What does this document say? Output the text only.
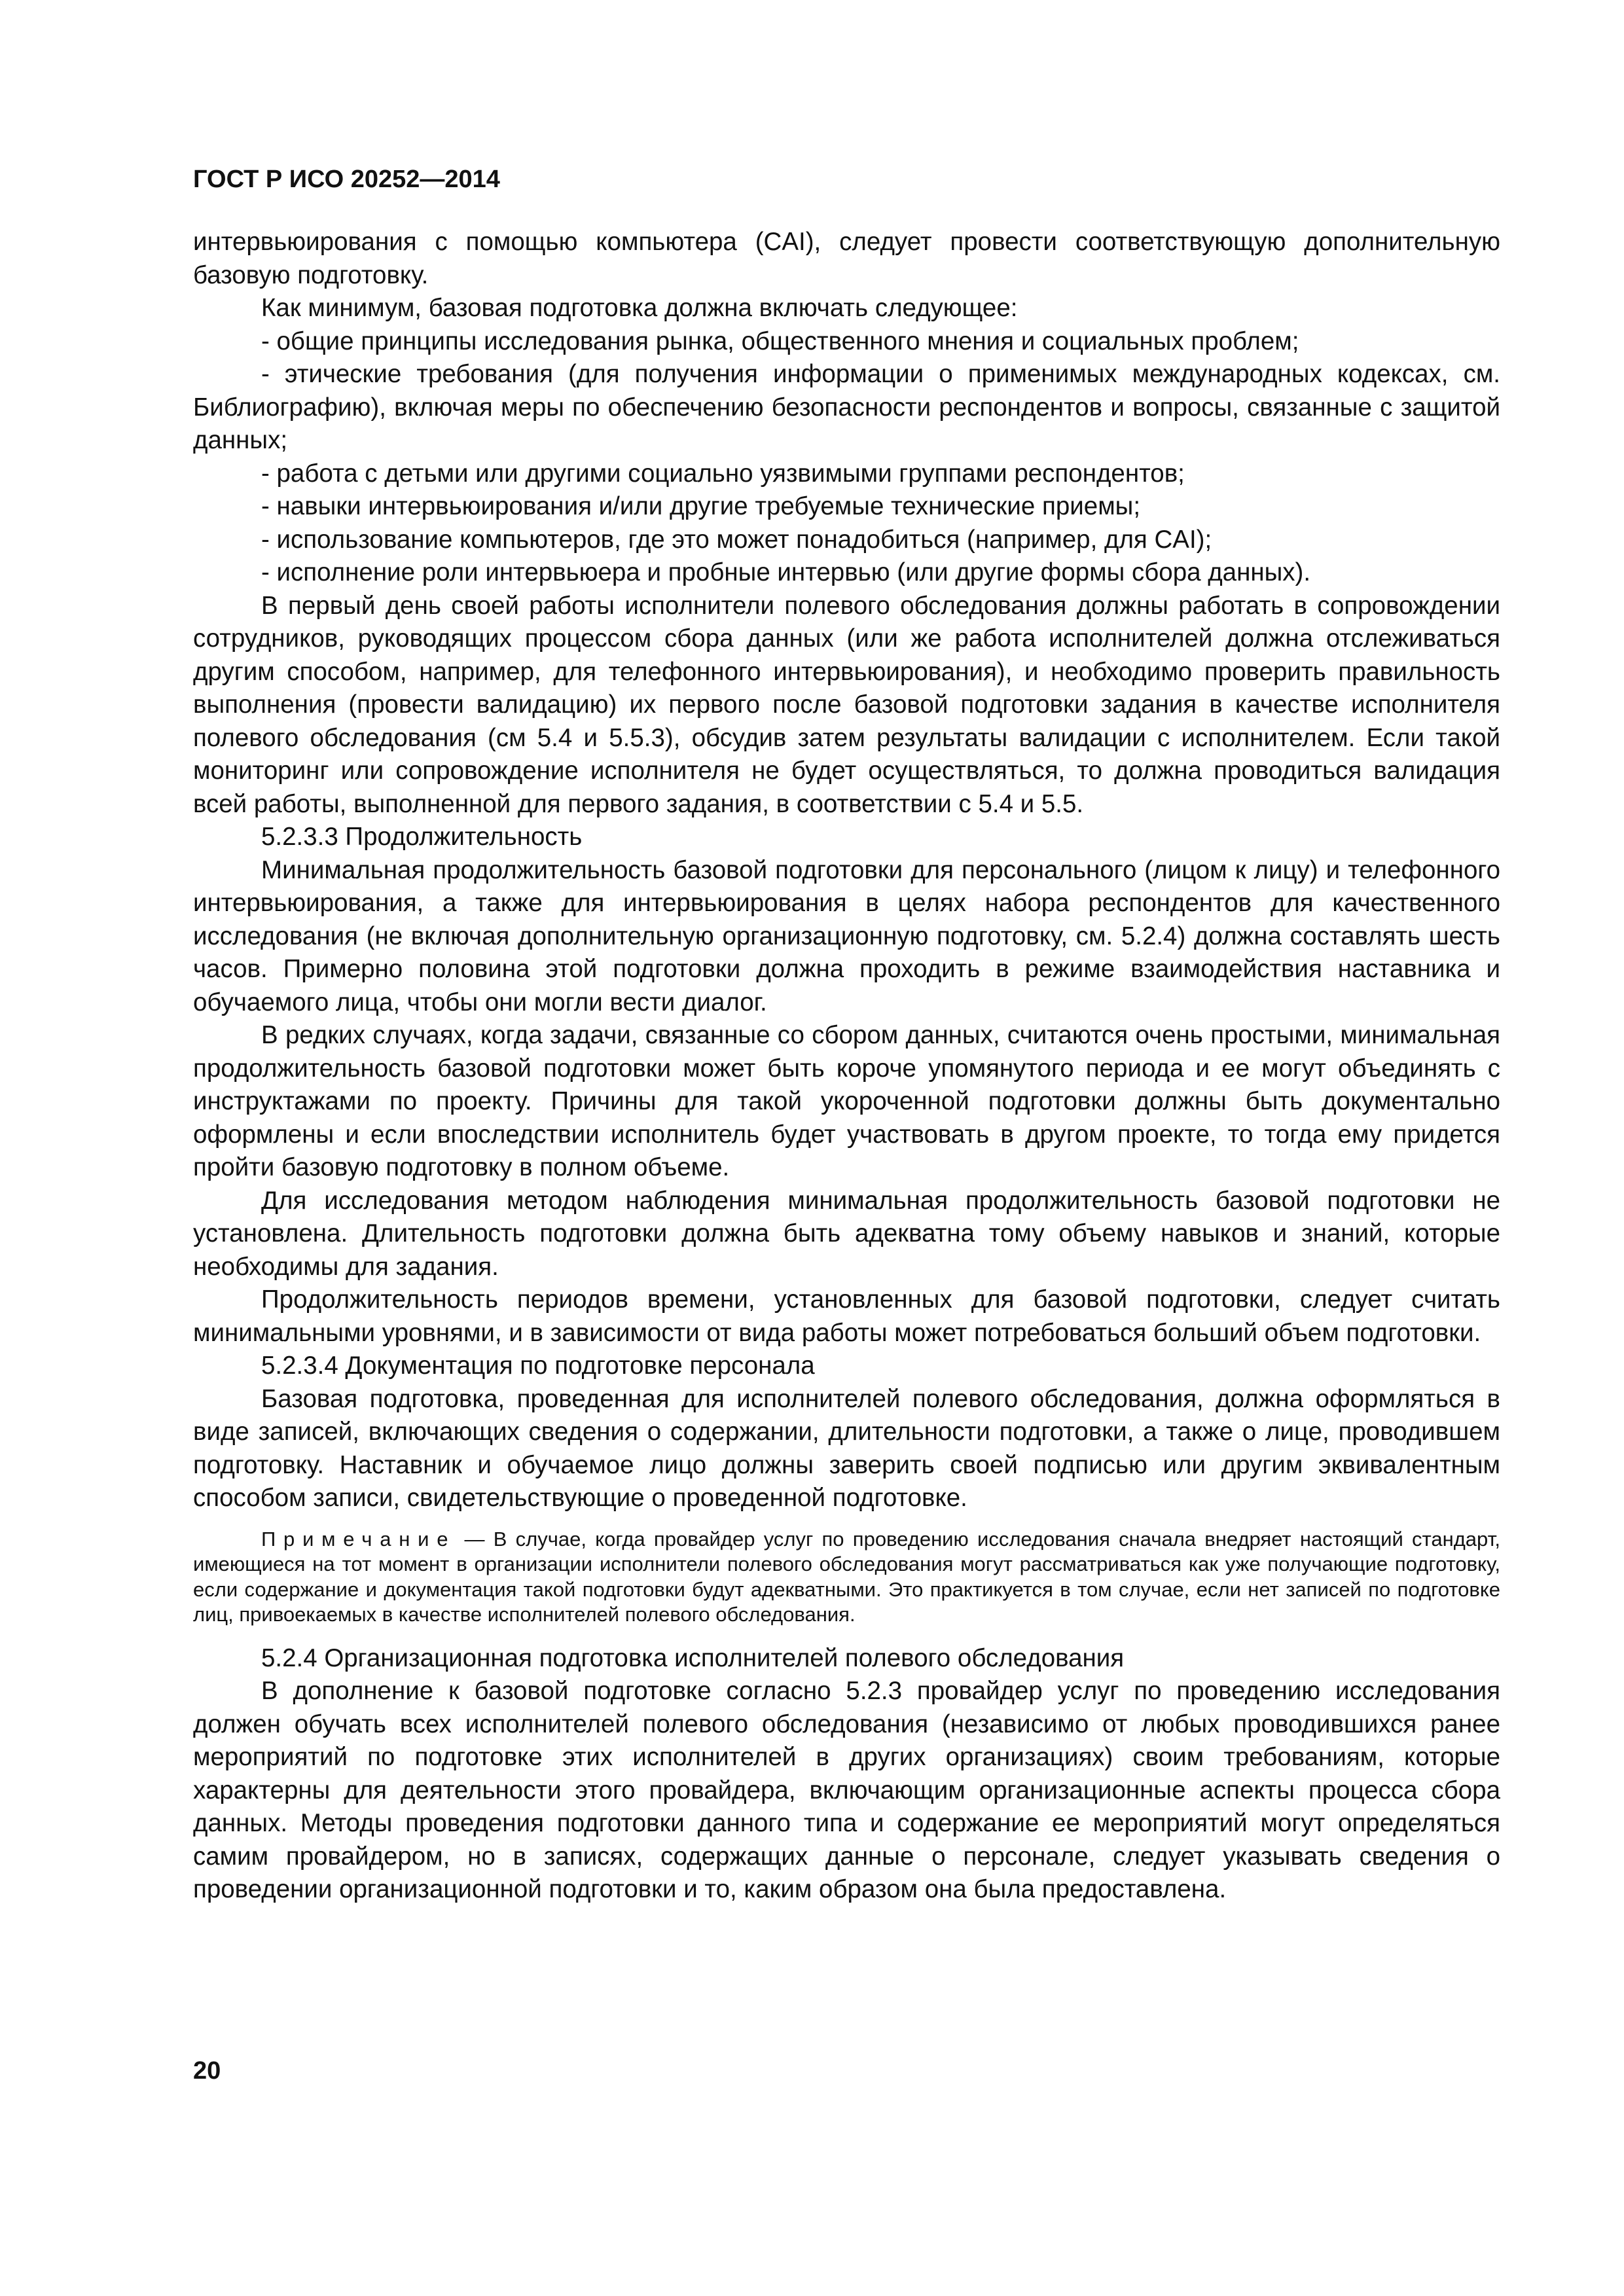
ГОСТ Р ИСО 20252—2014

интервьюирования с помощью компьютера (CAI), следует провести соответствующую дополнительную базовую подготовку.

Как минимум, базовая подготовка должна включать следующее:

- общие принципы исследования рынка, общественного мнения и социальных проблем;

- этические требования (для получения информации о применимых международных кодексах, см. Библиографию), включая меры по обеспечению безопасности респондентов и вопросы, связанные с защитой данных;

- работа с детьми или другими социально уязвимыми группами респондентов;

- навыки интервьюирования и/или другие требуемые технические приемы;

- использование компьютеров, где это может понадобиться (например, для CAI);

- исполнение роли интервьюера и пробные интервью (или другие формы сбора данных).

В первый день своей работы исполнители полевого обследования должны работать в сопровождении сотрудников, руководящих процессом сбора данных (или же работа исполнителей должна отслеживаться другим способом, например, для телефонного интервьюирования), и необходимо проверить правильность выполнения (провести валидацию) их первого после базовой подготовки задания в качестве исполнителя полевого обследования (см 5.4 и 5.5.3), обсудив затем результаты валидации с исполнителем. Если такой мониторинг или сопровождение исполнителя не будет осуществляться, то должна проводиться валидация всей работы, выполненной для первого задания, в соответствии с 5.4 и 5.5.

5.2.3.3 Продолжительность

Минимальная продолжительность базовой подготовки для персонального (лицом к лицу) и телефонного интервьюирования, а также для интервьюирования в целях набора респондентов для качественного исследования (не включая дополнительную организационную подготовку, см. 5.2.4) должна составлять шесть часов. Примерно половина этой подготовки должна проходить в режиме взаимодействия наставника и обучаемого лица, чтобы они могли вести диалог.

В редких случаях, когда задачи, связанные со сбором данных, считаются очень простыми, минимальная продолжительность базовой подготовки может быть короче упомянутого периода и ее могут объединять с инструктажами по проекту. Причины для такой укороченной подготовки должны быть документально оформлены и если впоследствии исполнитель будет участвовать в другом проекте, то тогда ему придется пройти базовую подготовку в полном объеме.

Для исследования методом наблюдения минимальная продолжительность базовой подготовки не установлена. Длительность подготовки должна быть адекватна тому объему навыков и знаний, которые необходимы для задания.

Продолжительность периодов времени, установленных для базовой подготовки, следует считать минимальными уровнями, и в зависимости от вида работы может потребоваться больший объем подготовки.

5.2.3.4 Документация по подготовке персонала

Базовая подготовка, проведенная для исполнителей полевого обследования, должна оформляться в виде записей, включающих сведения о содержании, длительности подготовки, а также о лице, проводившем подготовку. Наставник и обучаемое лицо должны заверить своей подписью или другим эквивалентным способом записи, свидетельствующие о проведенной подготовке.

Примечание — В случае, когда провайдер услуг по проведению исследования сначала внедряет настоящий стандарт, имеющиеся на тот момент в организации исполнители полевого обследования могут рассматриваться как уже получающие подготовку, если содержание и документация такой подготовки будут адекватными. Это практикуется в том случае, если нет записей по подготовке лиц, привоекаемых в качестве исполнителей полевого обследования.

5.2.4 Организационная подготовка исполнителей полевого обследования

В дополнение к базовой подготовке согласно 5.2.3 провайдер услуг по проведению исследования должен обучать всех исполнителей полевого обследования (независимо от любых проводившихся ранее мероприятий по подготовке этих исполнителей в других организациях) своим требованиям, которые характерны для деятельности этого провайдера, включающим организационные аспекты процесса сбора данных. Методы проведения подготовки данного типа и содержание ее мероприятий могут определяться самим провайдером, но в записях, содержащих данные о персонале, следует указывать сведения о проведении организационной подготовки и то, каким образом она была предоставлена.

20
